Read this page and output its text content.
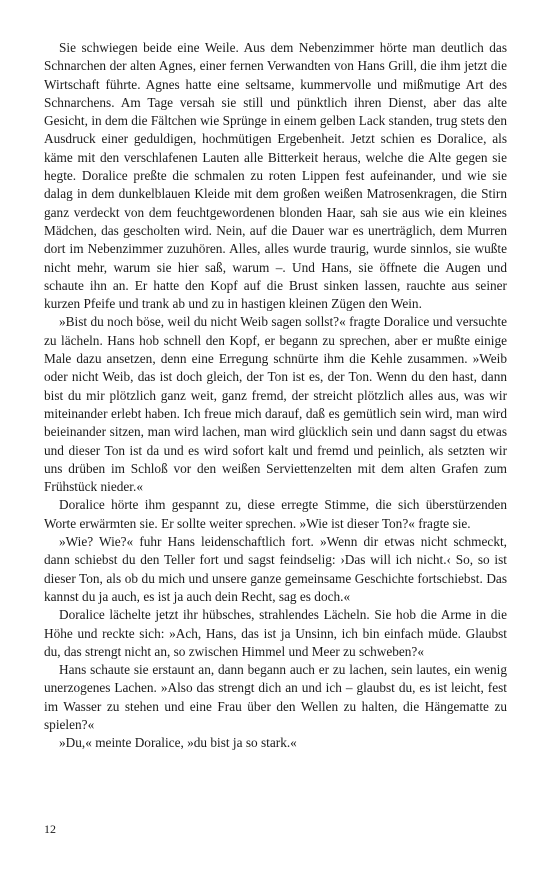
Sie schwiegen beide eine Weile. Aus dem Nebenzimmer hörte man deutlich das Schnarchen der alten Agnes, einer fernen Verwandten von Hans Grill, die ihm jetzt die Wirtschaft führte. Agnes hatte eine seltsame, kummervolle und mißmutige Art des Schnarchens. Am Tage versah sie still und pünktlich ihren Dienst, aber das alte Gesicht, in dem die Fältchen wie Sprünge in einem gelben Lack standen, trug stets den Ausdruck einer geduldigen, hochmütigen Ergebenheit. Jetzt schien es Doralice, als käme mit den verschlafenen Lauten alle Bitterkeit heraus, welche die Alte gegen sie hegte. Doralice preßte die schmalen zu roten Lippen fest aufeinander, und wie sie dalag in dem dunkelblauen Kleide mit dem großen weißen Matrosenkragen, die Stirn ganz verdeckt von dem feuchtgewordenen blonden Haar, sah sie aus wie ein kleines Mädchen, das gescholten wird. Nein, auf die Dauer war es unerträglich, dem Murren dort im Nebenzimmer zuzuhören. Alles, alles wurde traurig, wurde sinnlos, sie wußte nicht mehr, warum sie hier saß, warum –. Und Hans, sie öffnete die Augen und schaute ihn an. Er hatte den Kopf auf die Brust sinken lassen, rauchte aus seiner kurzen Pfeife und trank ab und zu in hastigen kleinen Zügen den Wein.

»Bist du noch böse, weil du nicht Weib sagen sollst?« fragte Doralice und versuchte zu lächeln. Hans hob schnell den Kopf, er begann zu sprechen, aber er mußte einige Male dazu ansetzen, denn eine Erregung schnürte ihm die Kehle zusammen. »Weib oder nicht Weib, das ist doch gleich, der Ton ist es, der Ton. Wenn du den hast, dann bist du mir plötzlich ganz weit, ganz fremd, der streicht plötzlich alles aus, was wir miteinander erlebt haben. Ich freue mich darauf, daß es gemütlich sein wird, man wird beieinander sitzen, man wird lachen, man wird glücklich sein und dann sagst du etwas und dieser Ton ist da und es wird sofort kalt und fremd und peinlich, als setzten wir uns drüben im Schloß vor den weißen Serviettenzelten mit dem alten Grafen zum Frühstück nieder.«

Doralice hörte ihm gespannt zu, diese erregte Stimme, die sich überstürzenden Worte erwärmten sie. Er sollte weiter sprechen. »Wie ist dieser Ton?« fragte sie.

»Wie? Wie?« fuhr Hans leidenschaftlich fort. »Wenn dir etwas nicht schmeckt, dann schiebst du den Teller fort und sagst feindselig: ›Das will ich nicht.‹ So, so ist dieser Ton, als ob du mich und unsere ganze gemeinsame Geschichte fortschiebst. Das kannst du ja auch, es ist ja auch dein Recht, sag es doch.«

Doralice lächelte jetzt ihr hübsches, strahlendes Lächeln. Sie hob die Arme in die Höhe und reckte sich: »Ach, Hans, das ist ja Unsinn, ich bin einfach müde. Glaubst du, das strengt nicht an, so zwischen Himmel und Meer zu schweben?«

Hans schaute sie erstaunt an, dann begann auch er zu lachen, sein lautes, ein wenig unerzogenes Lachen. »Also das strengt dich an und ich – glaubst du, es ist leicht, fest im Wasser zu stehen und eine Frau über den Wellen zu halten, die Hängematte zu spielen?«

»Du,« meinte Doralice, »du bist ja so stark.«

12
